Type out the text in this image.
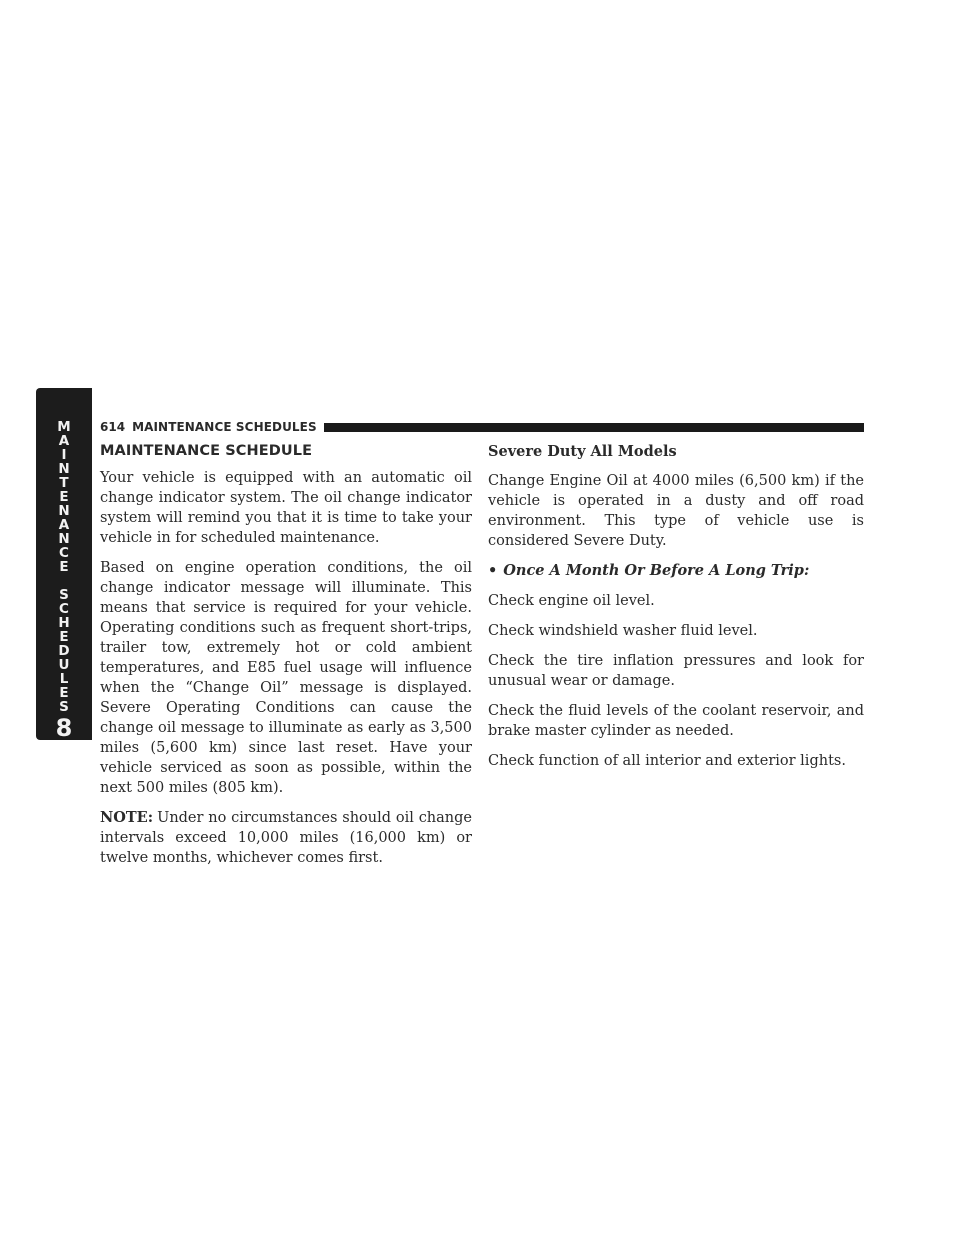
M
A
I
N
T
E
N
A
N
C
E
S
C
H
E
D
U
L
E
S
8
614 MAINTENANCE SCHEDULES
MAINTENANCE SCHEDULE

Your vehicle is equipped with an automatic oil change indicator system. The oil change indicator system will remind you that it is time to take your vehicle in for scheduled maintenance.

Based on engine operation conditions, the oil change indicator message will illuminate. This means that service is required for your vehicle. Operating conditions such as frequent short-trips, trailer tow, extremely hot or cold ambient temperatures, and E85 fuel usage will influence when the “Change Oil” message is displayed. Severe Operating Conditions can cause the change oil message to illuminate as early as 3,500 miles (5,600 km) since last reset. Have your vehicle serviced as soon as possible, within the next 500 miles (805 km).

NOTE: Under no circumstances should oil change intervals exceed 10,000 miles (16,000 km) or twelve months, whichever comes first.

Severe Duty All Models

Change Engine Oil at 4000 miles (6,500 km) if the vehicle is operated in a dusty and off road environment. This type of vehicle use is considered Severe Duty.

• Once A Month Or Before A Long Trip:

Check engine oil level.

Check windshield washer fluid level.

Check the tire inflation pressures and look for unusual wear or damage.

Check the fluid levels of the coolant reservoir, and brake master cylinder as needed.

Check function of all interior and exterior lights.
